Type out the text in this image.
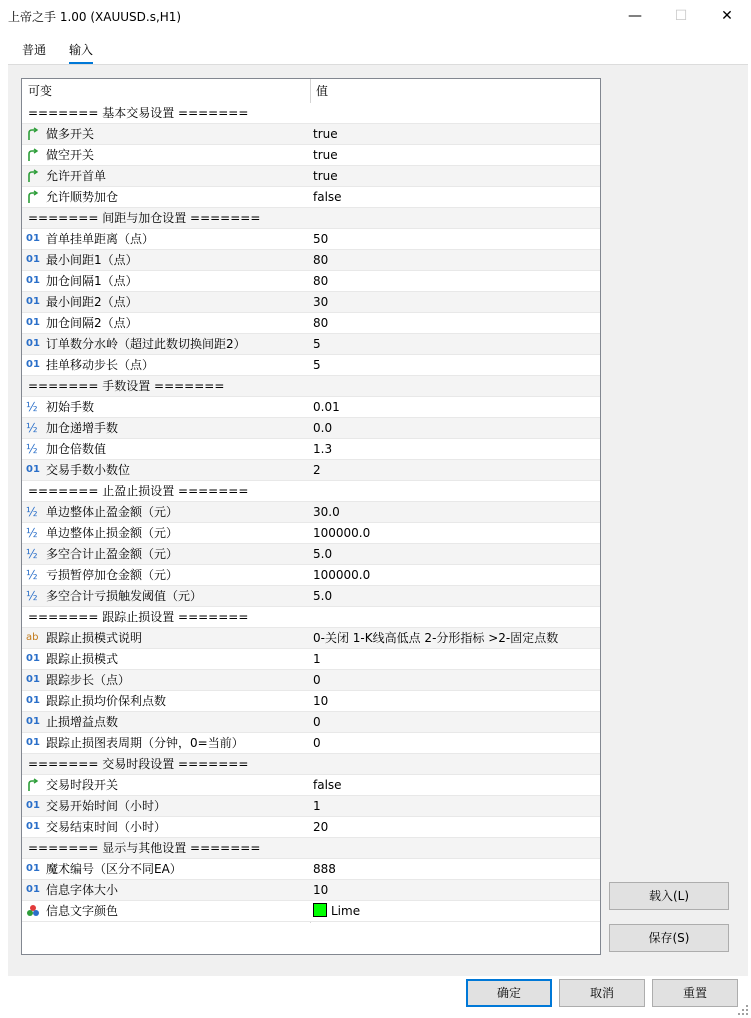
上帝之手 1.00 (XAUUSD.s,H1)	—	☐	✕
普通 输入
可变	值
======= 基本交易设置 =======
做多开关	true
做空开关	true
允许开首单	true
允许顺势加仓	false
======= 间距与加仓设置 =======
01 首单挂单距离（点）	50
01 最小间距1（点）	80
01 加仓间隔1（点）	80
01 最小间距2（点）	30
01 加仓间隔2（点）	80
01 订单数分水岭（超过此数切换间距2）	5
01 挂单移动步长（点）	5
======= 手数设置 =======
½ 初始手数	0.01
½ 加仓递增手数	0.0
½ 加仓倍数值	1.3
01 交易手数小数位	2
======= 止盈止损设置 =======
½ 单边整体止盈金额（元）	30.0
½ 单边整体止损金额（元）	100000.0
½ 多空合计止盈金额（元）	5.0
½ 亏损暂停加仓金额（元）	100000.0
½ 多空合计亏损触发阈值（元）	5.0
======= 跟踪止损设置 =======
ab 跟踪止损模式说明	0-关闭 1-K线高低点 2-分形指标 >2-固定点数
01 跟踪止损模式	1
01 跟踪步长（点）	0
01 跟踪止损均价保利点数	10
01 止损增益点数	0
01 跟踪止损图表周期（分钟，0=当前）	0
======= 交易时段设置 =======
交易时段开关	false
01 交易开始时间（小时）	1
01 交易结束时间（小时）	20
======= 显示与其他设置 =======
01 魔术编号（区分不同EA）	888
01 信息字体大小	10
信息文字颜色	Lime
载入(L)
保存(S)
确定	取消	重置
